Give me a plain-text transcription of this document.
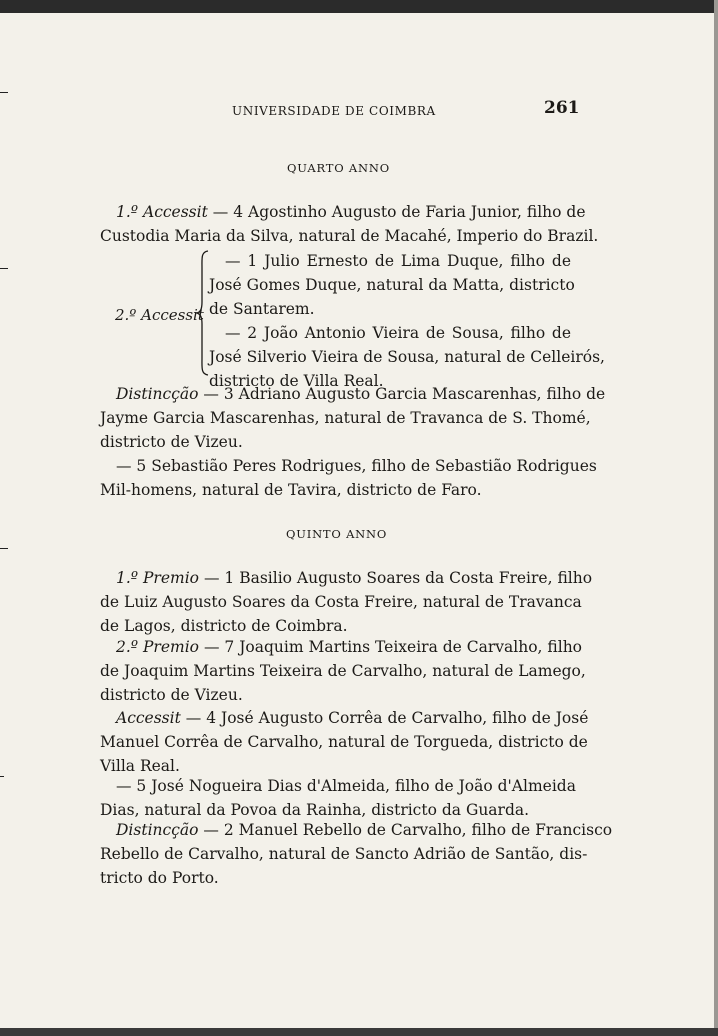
UNIVERSIDADE DE COIMBRA	261
QUARTO ANNO
1.º Accessit — 4 Agostinho Augusto de Faria Junior, filho de
Custodia Maria da Silva, natural de Macahé, Imperio do Brazil.
2.º Accessit
— 1 Julio Ernesto de Lima Duque, filho de
José Gomes Duque, natural da Matta, districto
de Santarem.
— 2 João Antonio Vieira de Sousa, filho de
José Silverio Vieira de Sousa, natural de Celleirós,
districto de Villa Real.
Distincção — 3 Adriano Augusto Garcia Mascarenhas, filho de
Jayme Garcia Mascarenhas, natural de Travanca de S. Thomé,
districto de Vizeu.
— 5 Sebastião Peres Rodrigues, filho de Sebastião Rodrigues
Mil-homens, natural de Tavira, districto de Faro.
QUINTO ANNO
1.º Premio — 1 Basilio Augusto Soares da Costa Freire, filho
de Luiz Augusto Soares da Costa Freire, natural de Travanca
de Lagos, districto de Coimbra.
2.º Premio — 7 Joaquim Martins Teixeira de Carvalho, filho
de Joaquim Martins Teixeira de Carvalho, natural de Lamego,
districto de Vizeu.
Accessit — 4 José Augusto Corrêa de Carvalho, filho de José
Manuel Corrêa de Carvalho, natural de Torgueda, districto de
Villa Real.
— 5 José Nogueira Dias d'Almeida, filho de João d'Almeida
Dias, natural da Povoa da Rainha, districto da Guarda.
Distincção — 2 Manuel Rebello de Carvalho, filho de Francisco
Rebello de Carvalho, natural de Sancto Adrião de Santão, dis-
tricto do Porto.
